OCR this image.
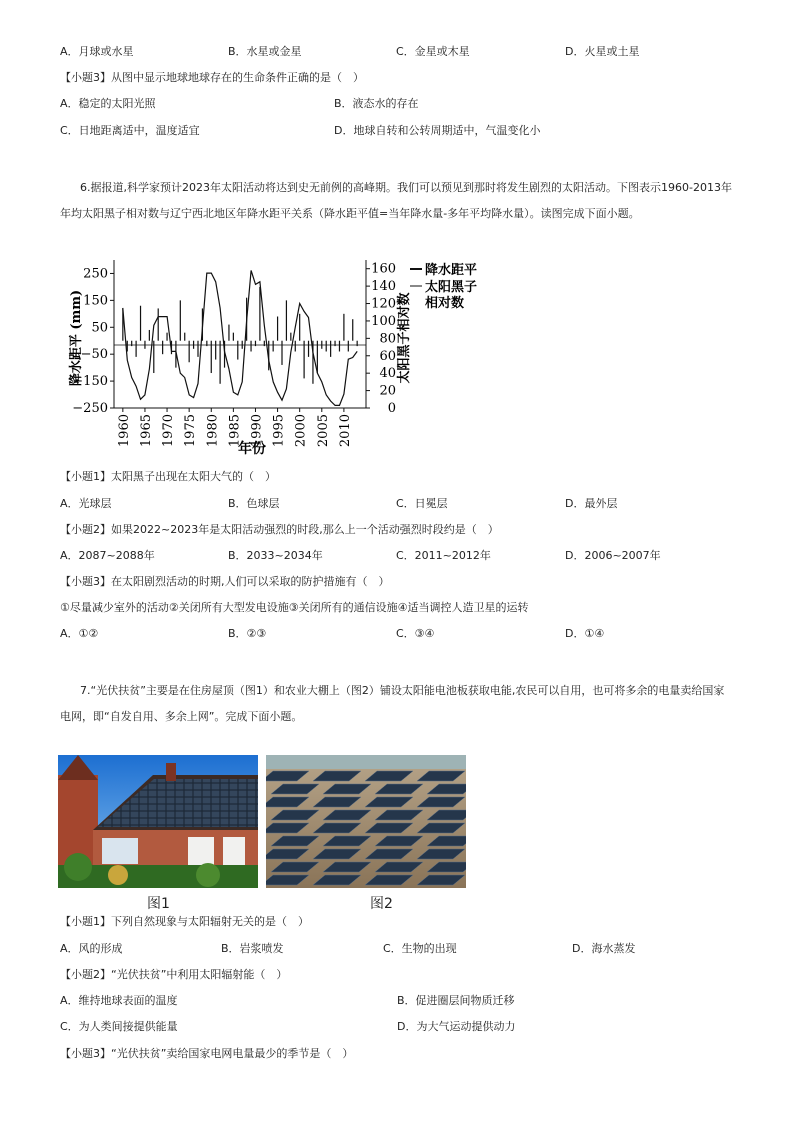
A．月球或水星	B．水星或金星	C．金星或木星	D．火星或土星
【小题3】从图中显示地球地球存在的生命条件正确的是（　）
A．稳定的太阳光照	B．液态水的存在
C．日地距离适中，温度适宜	D．地球自转和公转周期适中，气温变化小
6.据报道,科学家预计2023年太阳活动将达到史无前例的高峰期。我们可以预见到那时将发生剧烈的太阳活动。下图表示1960-2013年年均太阳黑子相对数与辽宁西北地区年降水距平关系（降水距平值=当年降水量-多年平均降水量）。读图完成下面小题。
250
150
50
−50
−150
−250
160
140
120
100
80
60
40
20
0
1960 1965 1970 1975 1980 1985 1990 1995 2000 2005 2010
降水距平 (mm)	太阳黑子相对数
年份
降水距平
太阳黑子
相对数
【小题1】太阳黑子出现在太阳大气的（　）
A．光球层	B．色球层	C．日冕层	D．最外层
【小题2】如果2022~2023年是太阳活动强烈的时段,那么上一个活动强烈时段约是（　）
A．2087~2088年	B．2033~2034年	C．2011~2012年	D．2006~2007年
【小题3】在太阳剧烈活动的时期,人们可以采取的防护措施有（　）
①尽量减少室外的活动②关闭所有大型发电设施③关闭所有的通信设施④适当调控人造卫星的运转
A．①②	B．②③	C．③④	D．①④
7.“光伏扶贫”主要是在住房屋顶（图1）和农业大棚上（图2）铺设太阳能电池板获取电能,农民可以自用，也可将多余的电量卖给国家电网，即“自发自用、多余上网”。完成下面小题。
图1	图2
【小题1】下列自然现象与太阳辐射无关的是（　）
A．风的形成	B．岩浆喷发	C．生物的出现	D．海水蒸发
【小题2】“光伏扶贫”中利用太阳辐射能（　）
A．维持地球表面的温度	B．促进圈层间物质迁移
C．为人类间接提供能量	D．为大气运动提供动力
【小题3】“光伏扶贫”卖给国家电网电量最少的季节是（　）
